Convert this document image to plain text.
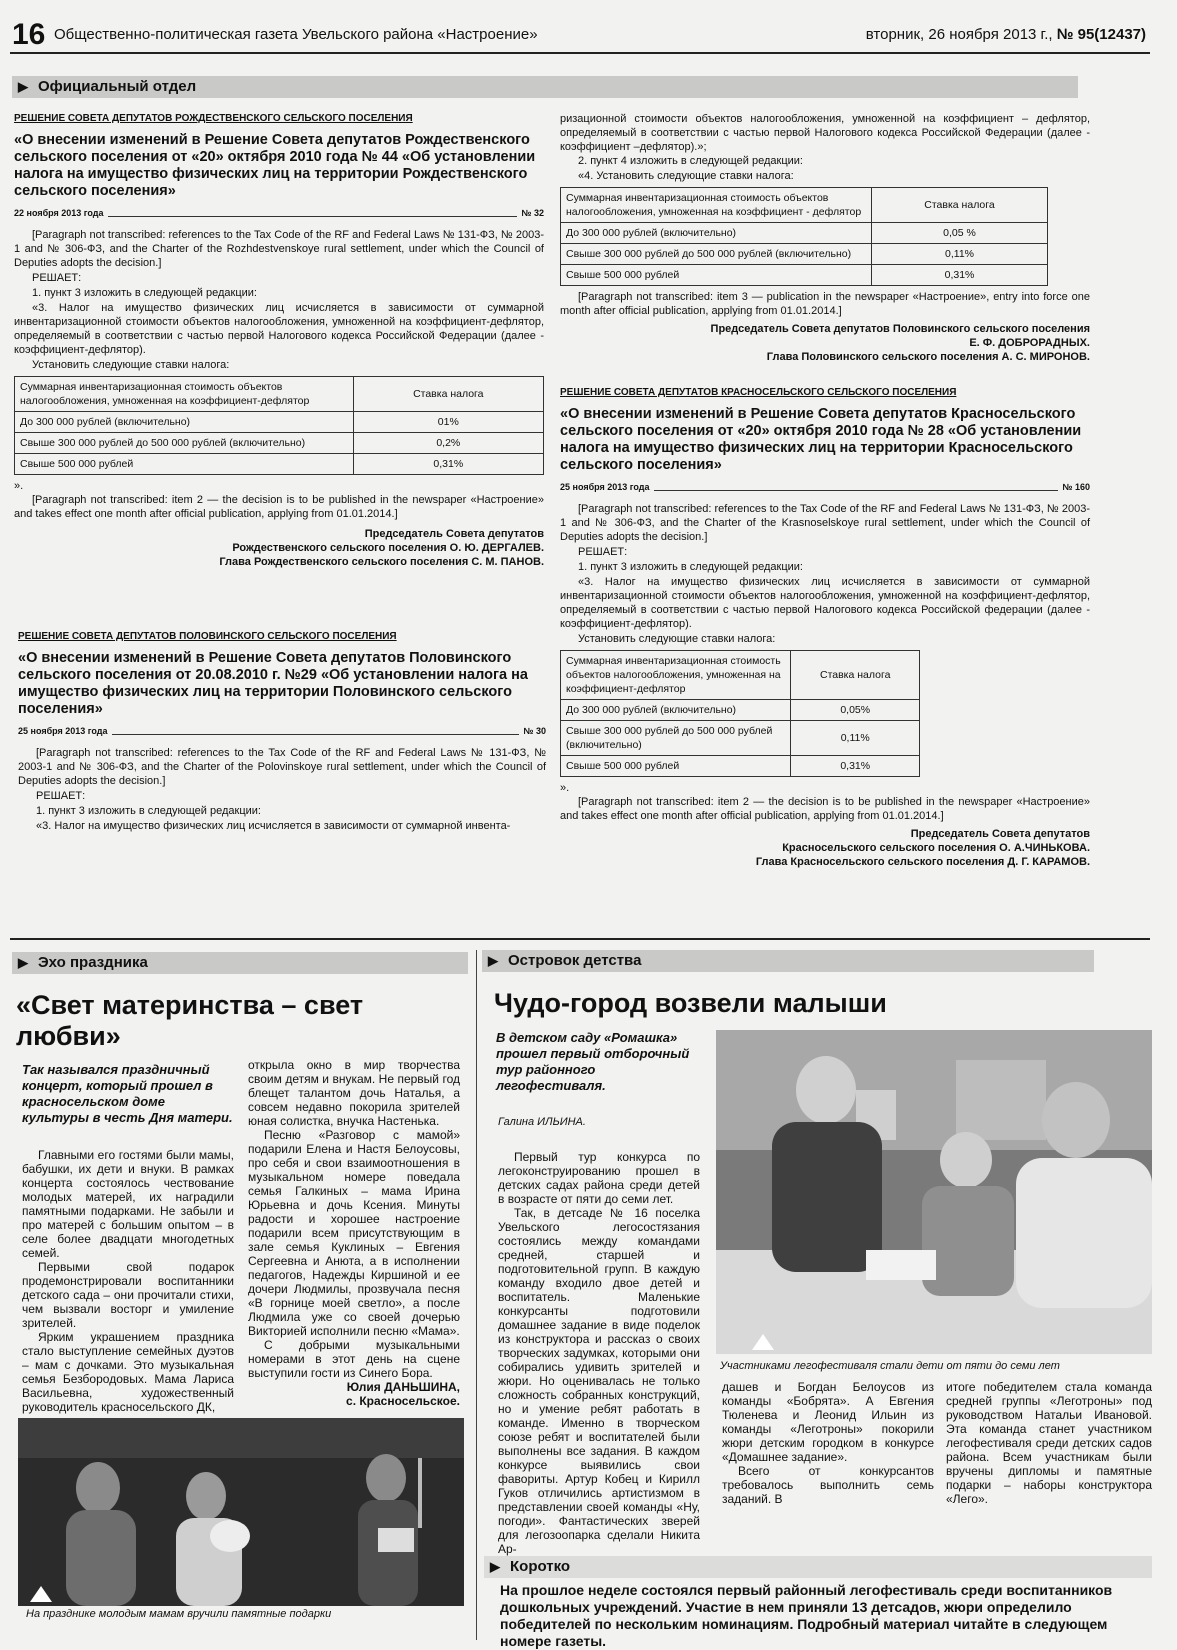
16 Общественно-политическая газета Увельского района «Настроение»	вторник, 26 ноября 2013 г., № 95(12437)
▶ Официальный отдел
РЕШЕНИЕ СОВЕТА ДЕПУТАТОВ РОЖДЕСТВЕНСКОГО СЕЛЬСКОГО ПОСЕЛЕНИЯ
«О внесении изменений в Решение Совета депутатов Рождественского сельского поселения от «20» октября 2010 года № 44 «Об установлении налога на имущество физических лиц на территории Рождественского сельского поселения»
22 ноября 2013 года	№ 32

[Paragraph not transcribed: references to the Tax Code of the RF and Federal Laws № 131-ФЗ, № 2003-1 and № 306-ФЗ, and the Charter of the Rozhdestvenskoye rural settlement, under which the Council of Deputies adopts the decision.]

РЕШАЕТ:

1. пункт 3 изложить в следующей редакции:

«3. Налог на имущество физических лиц исчисляется в зависимости от суммарной инвентаризационной стоимости объектов налогообложения, умноженной на коэффициент-дефлятор, определяемый в соответствии с частью первой Налогового кодекса Российской Федерации (далее - коэффициент-дефлятор).

Установить следующие ставки налога:

Суммарная инвентаризационная стоимость объектов налогообложения, умноженная на коэффициент-дефлятор	Ставка налога
До 300 000 рублей (включительно)	01%
Свыше 300 000 рублей до 500 000 рублей (включительно)	0,2%
Свыше 500 000 рублей	0,31%

».

[Paragraph not transcribed: item 2 — the decision is to be published in the newspaper «Настроение» and takes effect one month after official publication, applying from 01.01.2014.]

Председатель Совета депутатов
Рождественского сельского поселения О. Ю. ДЕРГАЛЕВ.
Глава Рождественского сельского поселения С. М. ПАНОВ.
РЕШЕНИЕ СОВЕТА ДЕПУТАТОВ ПОЛОВИНСКОГО СЕЛЬСКОГО ПОСЕЛЕНИЯ
«О внесении изменений в Решение Совета депутатов Половинского сельского поселения от 20.08.2010 г. №29 «Об установлении налога на имущество физических лиц на территории Половинского сельского поселения»
25 ноября 2013 года	№ 30

[Paragraph not transcribed: references to the Tax Code of the RF and Federal Laws № 131-ФЗ, № 2003-1 and № 306-ФЗ, and the Charter of the Polovinskoye rural settlement, under which the Council of Deputies adopts the decision.]

РЕШАЕТ:

1. пункт 3 изложить в следующей редакции:

«3. Налог на имущество физических лиц исчисляется в зависимости от суммарной инвента-

ризационной стоимости объектов налогообложения, умноженной на коэффициент – дефлятор, определяемый в соответствии с частью первой Налогового кодекса Российской Федерации (далее - коэффициент –дефлятор).»;

2. пункт 4 изложить в следующей редакции:

«4. Установить следующие ставки налога:

Суммарная инвентаризационная стоимость объектов налогообложения, умноженная на коэффициент - дефлятор	Ставка налога
До 300 000 рублей (включительно)	0,05 %
Свыше 300 000 рублей до 500 000 рублей (включительно)	0,11%
Свыше 500 000 рублей	0,31%

[Paragraph not transcribed: item 3 — publication in the newspaper «Настроение», entry into force one month after official publication, applying from 01.01.2014.]

Председатель Совета депутатов Половинского сельского поселения
Е. Ф. ДОБРОРАДНЫХ.
Глава Половинского сельского поселения А. С. МИРОНОВ.
РЕШЕНИЕ СОВЕТА ДЕПУТАТОВ КРАСНОСЕЛЬСКОГО СЕЛЬСКОГО ПОСЕЛЕНИЯ
«О внесении изменений в Решение Совета депутатов Красносельского сельского поселения от «20» октября 2010 года № 28 «Об установлении налога на имущество физических лиц на территории Красносельского сельского поселения»
25 ноября 2013 года	№ 160

[Paragraph not transcribed: references to the Tax Code of the RF and Federal Laws № 131-ФЗ, № 2003-1 and № 306-ФЗ, and the Charter of the Krasnoselskoye rural settlement, under which the Council of Deputies adopts the decision.]

РЕШАЕТ:

1. пункт 3 изложить в следующей редакции:

«3. Налог на имущество физических лиц исчисляется в зависимости от суммарной инвентаризационной стоимости объектов налогообложения, умноженной на коэффициент-дефлятор, определяемый в соответствии с частью первой Налогового кодекса Российской федерации (далее - коэффициент-дефлятор).

Установить следующие ставки налога:

Суммарная инвентаризационная стоимость объектов налогообложения, умноженная на коэффициент-дефлятор	Ставка налога
До 300 000 рублей (включительно)	0,05%
Свыше 300 000 рублей до 500 000 рублей (включительно)	0,11%
Свыше 500 000 рублей	0,31%

».

[Paragraph not transcribed: item 2 — the decision is to be published in the newspaper «Настроение» and takes effect one month after official publication, applying from 01.01.2014.]

Председатель Совета депутатов
Красносельского сельского поселения О. А.ЧИНЬКОВА.
Глава Красносельского сельского поселения Д. Г. КАРАМОВ.
▶ Эхо праздника
«Свет материнства – свет любви»
Так назывался праздничный концерт, который прошел в красносельском доме культуры в честь Дня матери.

Главными его гостями были мамы, бабушки, их дети и внуки. В рамках концерта состоялось чествование молодых матерей, их наградили памятными подарками. Не забыли и про матерей с большим опытом – в селе более двадцати многодетных семей.

Первыми свой подарок продемонстрировали воспитанники детского сада – они прочитали стихи, чем вызвали восторг и умиление зрителей.

Ярким украшением праздника стало выступление семейных дуэтов – мам с дочками. Это музыкальная семья Безбородовых. Мама Лариса Васильевна, художественный руководитель красносельского ДК,

открыла окно в мир творчества своим детям и внукам. Не первый год блещет талантом дочь Наталья, а совсем недавно покорила зрителей юная солистка, внучка Настенька.

Песню «Разговор с мамой» подарили Елена и Настя Белоусовы, про себя и свои взаимоотношения в музыкальном номере поведала семья Галкиных – мама Ирина Юрьевна и дочь Ксения. Минуты радости и хорошее настроение подарили всем присутствующим в зале семья Куклиных – Евгения Сергеевна и Анюта, а в исполнении педагогов, Надежды Киршиной и ее дочери Людмилы, прозвучала песня «В горнице моей светло», а после Людмила уже со своей дочерью Викторией исполнили песню «Мама».

С добрыми музыкальными номерами в этот день на сцене выступили гости из Синего Бора.

Юлия ДАНЬШИНА,
с. Красносельское.
На празднике молодым мамам вручили памятные подарки
▶ Островок детства
Чудо-город возвели малыши
В детском саду «Ромашка» прошел первый отборочный тур районного легофестиваля.
Галина ИЛЬИНА.

Первый тур конкурса по легоконструированию прошел в детских садах района среди детей в возрасте от пяти до семи лет.

Так, в детсаде № 16 поселка Увельского легосостязания состоялись между командами средней, старшей и подготовительной групп. В каждую команду входило двое детей и воспитатель. Маленькие конкурсанты подготовили домашнее задание в виде поделок из конструктора и рассказ о своих творческих задумках, которыми они собирались удивить зрителей и жюри. Но оценивалась не только сложность собранных конструкций, но и умение ребят работать в команде. Именно в творческом союзе ребят и воспитателей были выполнены все задания. В каждом конкурсе выявились свои фавориты. Артур Кобец и Кирилл Гуков отличились артистизмом в представлении своей команды «Ну, погоди». Фантастических зверей для легозоопарка сделали Никита Ар-

Участниками легофестиваля стали дети от пяти до семи лет

дашев и Богдан Белоусов из команды «Бобрята». А Евгения Тюленева и Леонид Ильин из команды «Леготроны» покорили жюри детским городком в конкурсе «Домашнее задание».

Всего от конкурсантов требовалось выполнить семь заданий. В

итоге победителем стала команда средней группы «Леготроны» под руководством Натальи Ивановой. Эта команда станет участником легофестиваля среди детских садов района. Всем участникам были вручены дипломы и памятные подарки – наборы конструктора «Лего».

▶ Коротко
На прошлое неделе состоялся первый районный легофестиваль среди воспитанников дошкольных учреждений. Участие в нем приняли 13 детсадов, жюри определило победителей по нескольким номинациям. Подробный материал читайте в следующем номере газеты.
